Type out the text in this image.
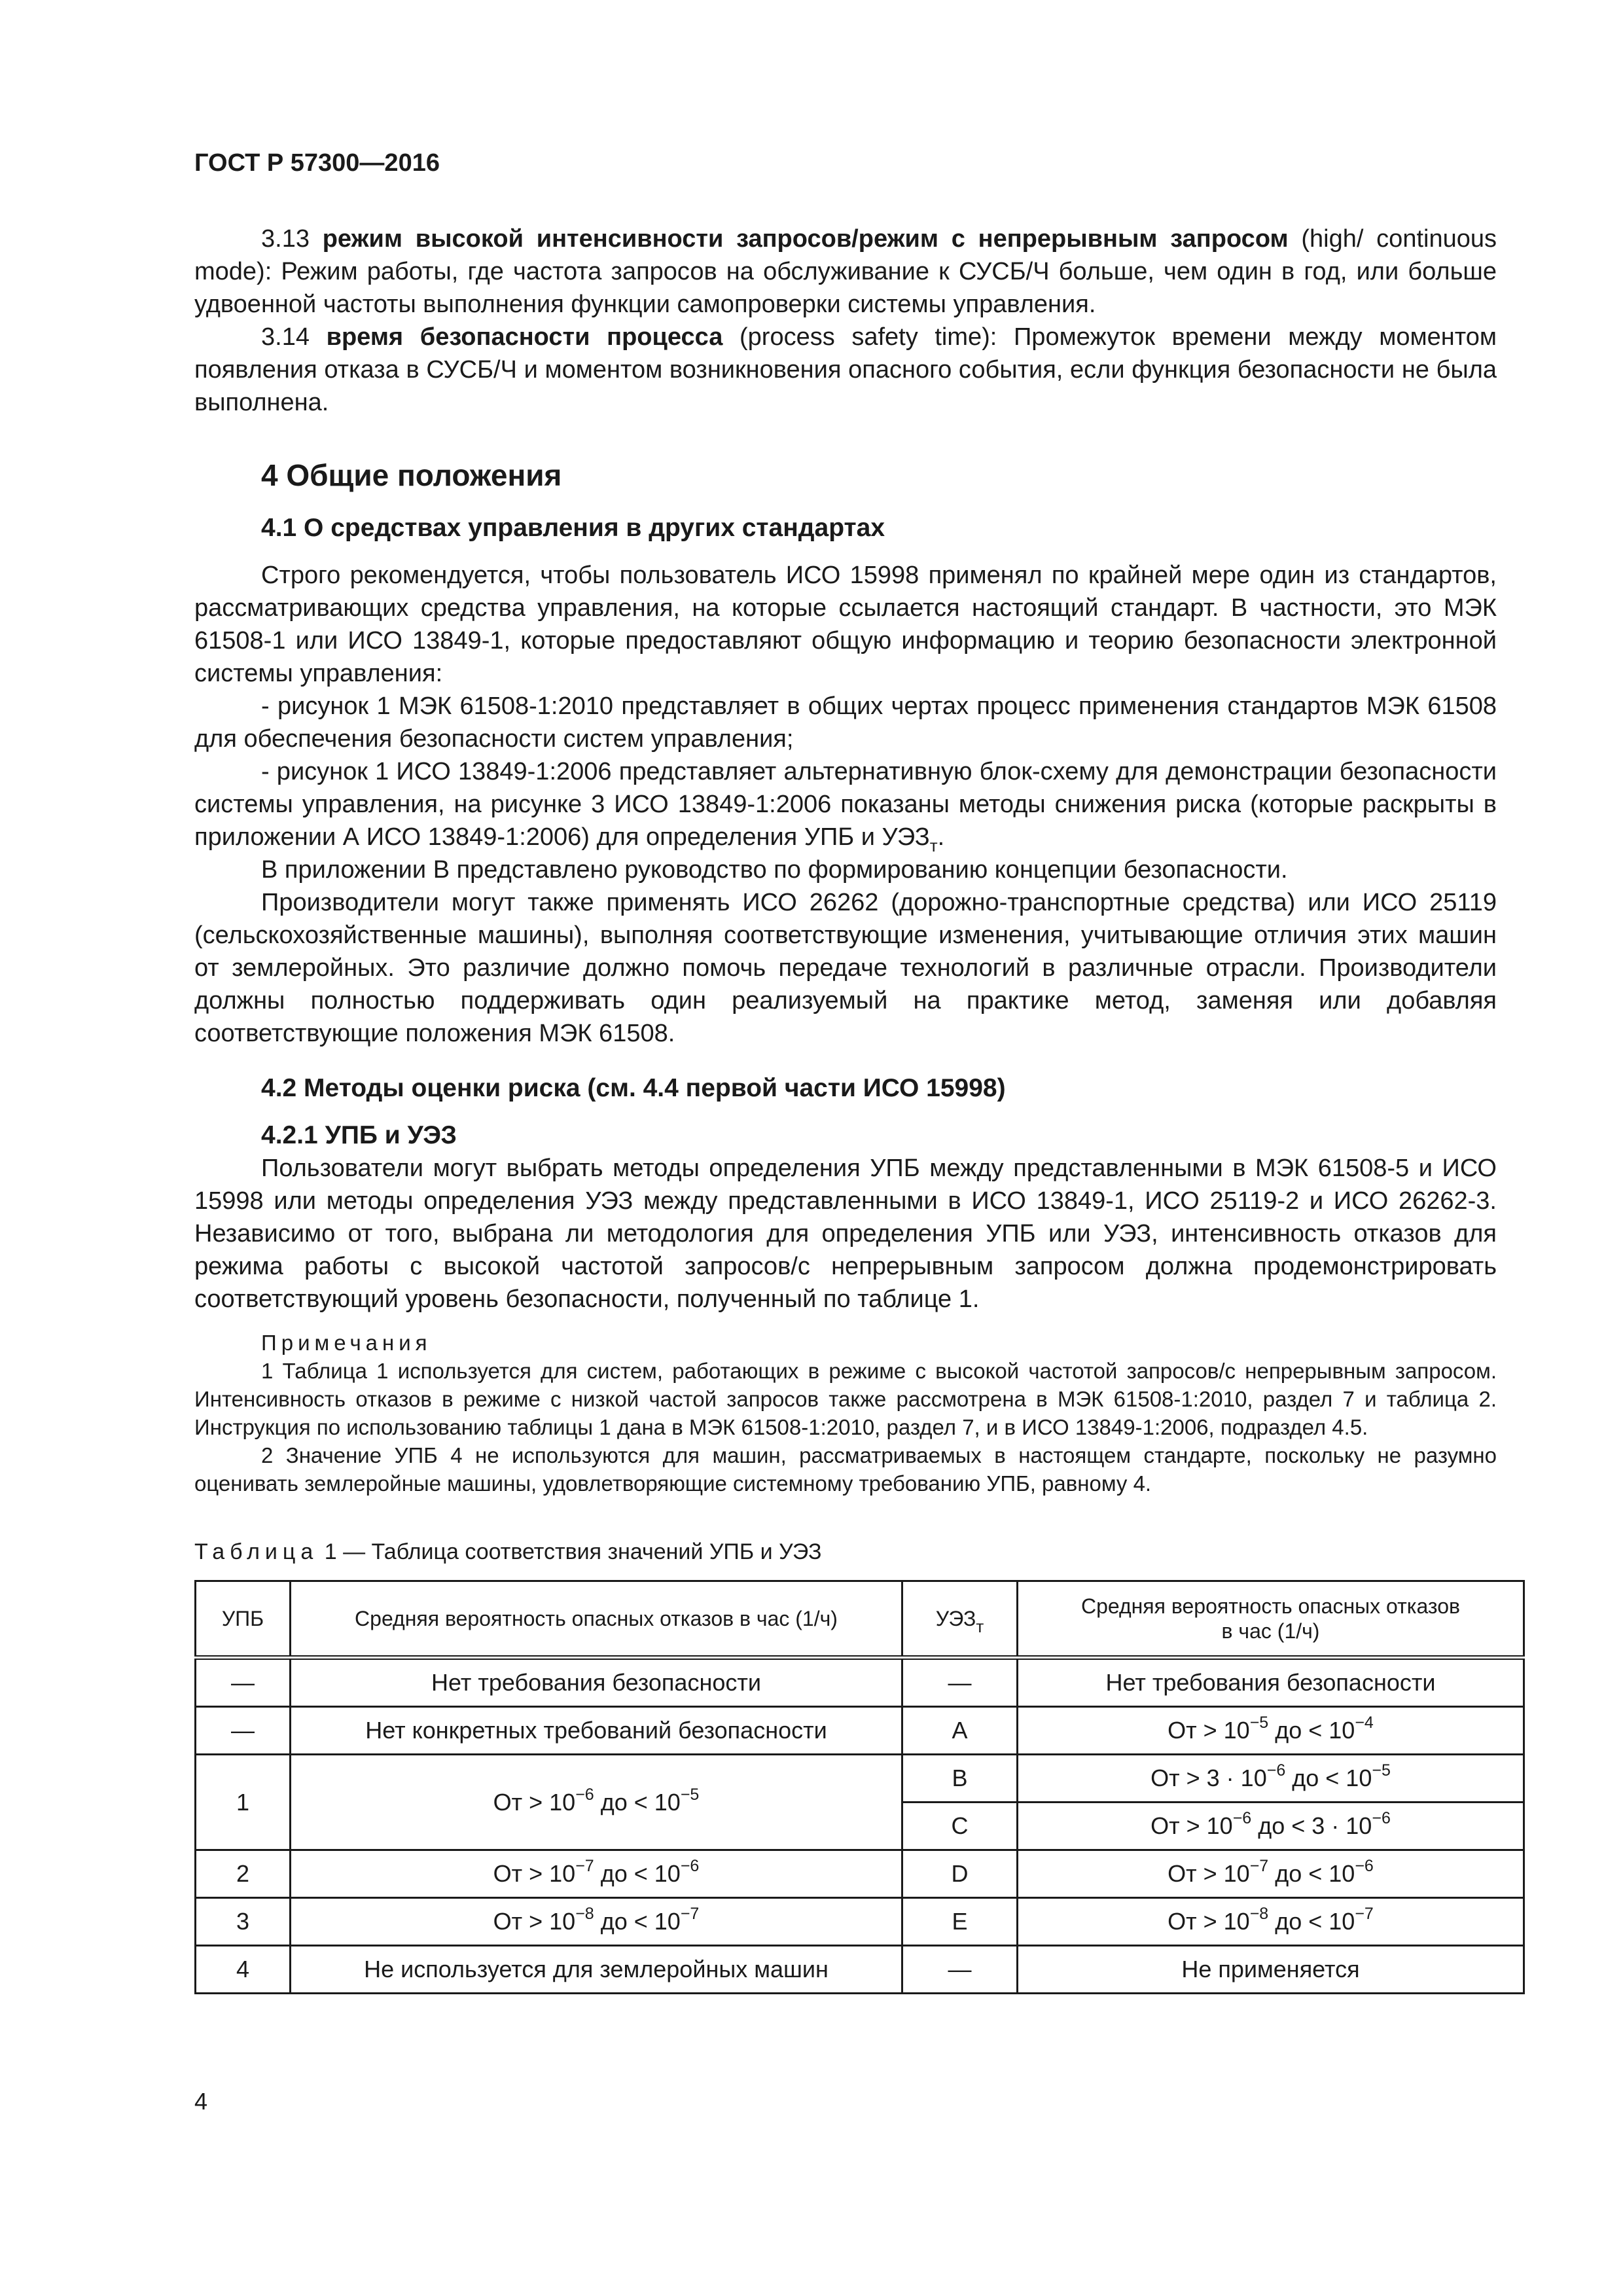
ГОСТ Р 57300—2016

3.13 режим высокой интенсивности запросов/режим с непрерывным запросом (high/ continuous mode): Режим работы, где частота запросов на обслуживание к СУСБ/Ч больше, чем один в год, или больше удвоенной частоты выполнения функции самопроверки системы управления.

3.14 время безопасности процесса (process safety time): Промежуток времени между моментом появления отказа в СУСБ/Ч и моментом возникновения опасного события, если функция безопасности не была выполнена.

4 Общие положения
4.1 О средствах управления в других стандартах

Строго рекомендуется, чтобы пользователь ИСО 15998 применял по крайней мере один из стандартов, рассматривающих средства управления, на которые ссылается настоящий стандарт. В частности, это МЭК 61508-1 или ИСО 13849-1, которые предоставляют общую информацию и теорию безопасности электронной системы управления:

- рисунок 1 МЭК 61508-1:2010 представляет в общих чертах процесс применения стандартов МЭК 61508 для обеспечения безопасности систем управления;

- рисунок 1 ИСО 13849-1:2006 представляет альтернативную блок-схему для демонстрации безопасности системы управления, на рисунке 3 ИСО 13849-1:2006 показаны методы снижения риска (которые раскрыты в приложении А ИСО 13849-1:2006) для определения УПБ и $УЭЗ_т$.

В приложении В представлено руководство по формированию концепции безопасности.

Производители могут также применять ИСО 26262 (дорожно-транспортные средства) или ИСО 25119 (сельскохозяйственные машины), выполняя соответствующие изменения, учитывающие отличия этих машин от землеройных. Это различие должно помочь передаче технологий в различные отрасли. Производители должны полностью поддерживать один реализуемый на практике метод, заменяя или добавляя соответствующие положения МЭК 61508.

4.2 Методы оценки риска (см. 4.4 первой части ИСО 15998)
4.2.1 УПБ и УЭЗ

Пользователи могут выбрать методы определения УПБ между представленными в МЭК 61508-5 и ИСО 15998 или методы определения УЭЗ между представленными в ИСО 13849-1, ИСО 25119-2 и ИСО 26262-3. Независимо от того, выбрана ли методология для определения УПБ или УЭЗ, интенсивность отказов для режима работы с высокой частотой запросов/с непрерывным запросом должна продемонстрировать соответствующий уровень безопасности, полученный по таблице 1.

Примечания

1 Таблица 1 используется для систем, работающих в режиме с высокой частотой запросов/с непрерывным запросом. Интенсивность отказов в режиме с низкой частой запросов также рассмотрена в МЭК 61508-1:2010, раздел 7 и таблица 2. Инструкция по использованию таблицы 1 дана в МЭК 61508-1:2010, раздел 7, и в ИСО 13849-1:2006, подраздел 4.5.

2 Значение УПБ 4 не используются для машин, рассматриваемых в настоящем стандарте, поскольку не разумно оценивать землеройные машины, удовлетворяющие системному требованию УПБ, равному 4.

Таблица 1 — Таблица соответствия значений УПБ и УЭЗ
УПБ	Средняя вероятность опасных отказов в час (1/ч)	$УЭЗ_т$	Средняя вероятность опасных отказов
в час (1/ч)
—	Нет требования безопасности	—	Нет требования безопасности
—	Нет конкретных требований безопасности	A	От > $10^{-5}$ до < $10^{-4}$
1	От > $10^{-6}$ до < $10^{-5}$	B	От > $3 \cdot 10^{-6}$ до < $10^{-5}$
		C	От > $10^{-6}$ до < $3 \cdot 10^{-6}$
2	От > $10^{-7}$ до < $10^{-6}$	D	От > $10^{-7}$ до < $10^{-6}$
3	От > $10^{-8}$ до < $10^{-7}$	E	От > $10^{-8}$ до < $10^{-7}$
4	Не используется для землеройных машин	—	Не применяется
4
